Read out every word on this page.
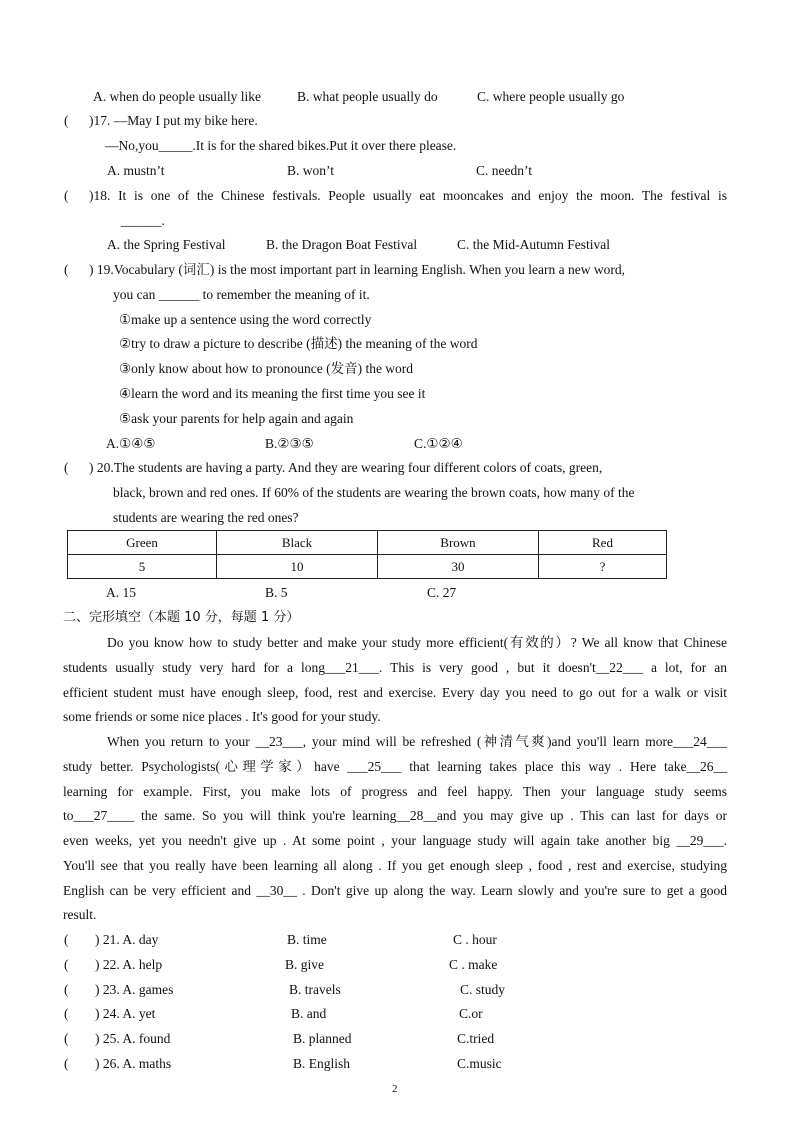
A. when do people usually like	B. what people usually do	C. where people usually go
( )17. —May I put my bike here.
—No,you_____.It is for the shared bikes.Put it over there please.
A. mustn’t	B. won’t	C. needn’t
( )18. It is one of the Chinese festivals. People usually eat mooncakes and enjoy the moon. The festival is
______.
A. the Spring Festival	B. the Dragon Boat Festival	C. the Mid-Autumn Festival
( ) 19.Vocabulary (词汇) is the most important part in learning English. When you learn a new word,
you can ______ to remember the meaning of it.
①make up a sentence using the word correctly
②try to draw a picture to describe (描述) the meaning of the word
③only know about how to pronounce (发音) the word
④learn the word and its meaning the first time you see it
⑤ask your parents for help again and again
A.①④⑤	B.②③⑤	C.①②④
( ) 20.The students are having a party. And they are wearing four different colors of coats, green,
black, brown and red ones. If 60% of the students are wearing the brown coats, how many of the
students are wearing the red ones?
Green	Black	Brown	Red
5	10	30	?
A. 15	B. 5	C. 27
二、完形填空（本题 10 分，每题 1 分）
Do you know how to study better and make your study more efficient(有效的）? We all know that Chinese
students usually study very hard for a long___21___. This is very good , but it doesn't__22___ a lot, for an
efficient student must have enough sleep, food, rest and exercise. Every day you need to go out for a walk or visit
some friends or some nice places . It's good for your study.
When you return to your __23___, your mind will be refreshed (神清气爽)and you'll learn more___24___
study better. Psychologists(心理学家）have ___25___ that learning takes place this way . Here take__26__
learning for example. First, you make lots of progress and feel happy. Then your language study seems
to___27____ the same. So you will think you're learning__28__and you may give up . This can last for days or
even weeks, yet you needn't give up . At some point , your language study will again take another big __29___.
You'll see that you really have been learning all along . If you get enough sleep , food , rest and exercise, studying
English can be very efficient and __30__ . Don't give up along the way. Learn slowly and you're sure to get a good
result.
( ) 21. A. day	B. time	C . hour
( ) 22. A. help	B. give	C . make
( ) 23. A. games	B. travels	C. study
( ) 24. A. yet	B. and	C.or
( ) 25. A. found	B. planned	C.tried
( ) 26. A. maths	B. English	C.music
2
